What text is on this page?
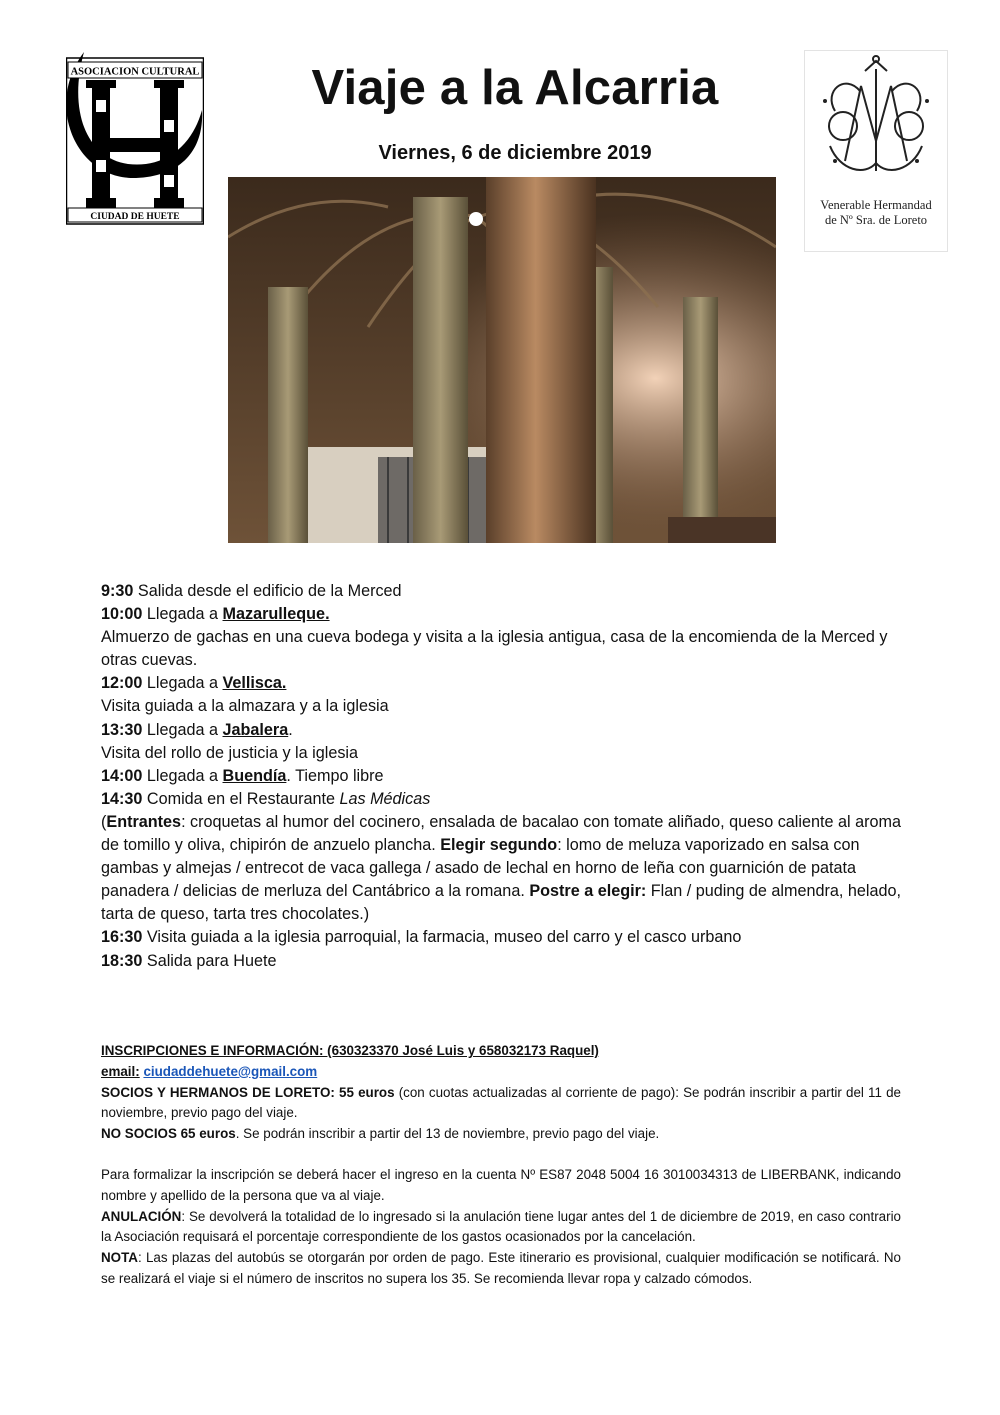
ASOCIACION CULTURAL
CIUDAD DE HUETE
Viaje a la Alcarria
Viernes, 6 de diciembre 2019
Venerable Hermandad
de Nº Sra. de Loreto

9:30 Salida desde el edificio de la Merced

10:00 Llegada a Mazarulleque.

Almuerzo de gachas en una cueva bodega y visita a la iglesia antigua, casa de la encomienda de la Merced y otras cuevas.

12:00 Llegada a Vellisca.

Visita guiada a la almazara y a la iglesia

13:30 Llegada a Jabalera.

Visita del rollo de justicia y la iglesia

14:00 Llegada a Buendía. Tiempo libre

14:30 Comida en el Restaurante Las Médicas

(Entrantes: croquetas al humor del cocinero, ensalada de bacalao con tomate aliñado, queso caliente al aroma de tomillo y oliva, chipirón de anzuelo plancha. Elegir segundo: lomo de meluza vaporizado en salsa con gambas y almejas / entrecot de vaca gallega / asado de lechal en horno de leña con guarnición de patata panadera / delicias de merluza del Cantábrico a la romana. Postre a elegir: Flan / puding de almendra, helado, tarta de queso, tarta tres chocolates.)

16:30 Visita guiada a la iglesia parroquial, la farmacia, museo del carro y el casco urbano

18:30 Salida para Huete

INSCRIPCIONES E INFORMACIÓN: (630323370 José Luis y 658032173 Raquel)

email: ciudaddehuete@gmail.com

SOCIOS Y HERMANOS DE LORETO: 55 euros (con cuotas actualizadas al corriente de pago): Se podrán inscribir a partir del 11 de noviembre, previo pago del viaje.

NO SOCIOS 65 euros. Se podrán inscribir a partir del 13 de noviembre, previo pago del viaje.

Para formalizar la inscripción se deberá hacer el ingreso en la cuenta Nº ES87 2048 5004 16 3010034313 de LIBERBANK, indicando nombre y apellido de la persona que va al viaje.

ANULACIÓN: Se devolverá la totalidad de lo ingresado si la anulación tiene lugar antes del 1 de diciembre de 2019, en caso contrario la Asociación requisará el porcentaje correspondiente de los gastos ocasionados por la cancelación.

NOTA: Las plazas del autobús se otorgarán por orden de pago. Este itinerario es provisional, cualquier modificación se notificará. No se realizará el viaje si el número de inscritos no supera los 35. Se recomienda llevar ropa y calzado cómodos.
